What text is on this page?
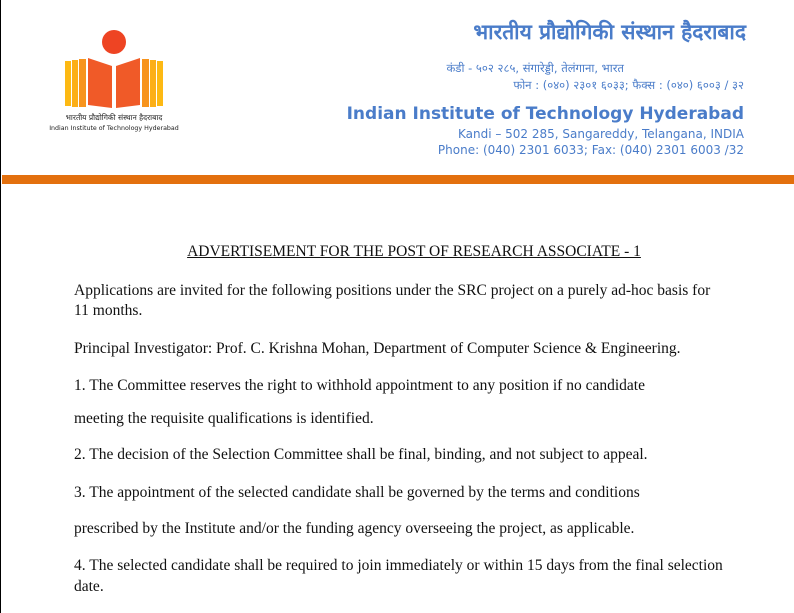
भारतीय प्रौद्योगिकी संस्थान हैदराबाद
Indian Institute of Technology Hyderabad
भारतीय प्रौद्योगिकी संस्थान हैदराबाद
कंडी - ५०२ २८५, संगारेड्डी, तेलंगाना, भारत
फोन : (०४०) २३०१ ६०३३; फैक्स : (०४०) ६००३ / ३२
Indian Institute of Technology Hyderabad
Kandi – 502 285, Sangareddy, Telangana, INDIA
Phone: (040) 2301 6033; Fax: (040) 2301 6003 /32
ADVERTISEMENT FOR THE POST OF RESEARCH ASSOCIATE - 1

Applications are invited for the following positions under the SRC project on a purely ad-hoc basis for

11 months.

Principal Investigator: Prof. C. Krishna Mohan, Department of Computer Science & Engineering.

1. The Committee reserves the right to withhold appointment to any position if no candidate

meeting the requisite qualifications is identified.

2. The decision of the Selection Committee shall be final, binding, and not subject to appeal.

3. The appointment of the selected candidate shall be governed by the terms and conditions

prescribed by the Institute and/or the funding agency overseeing the project, as applicable.

4. The selected candidate shall be required to join immediately or within 15 days from the final selection

date.
